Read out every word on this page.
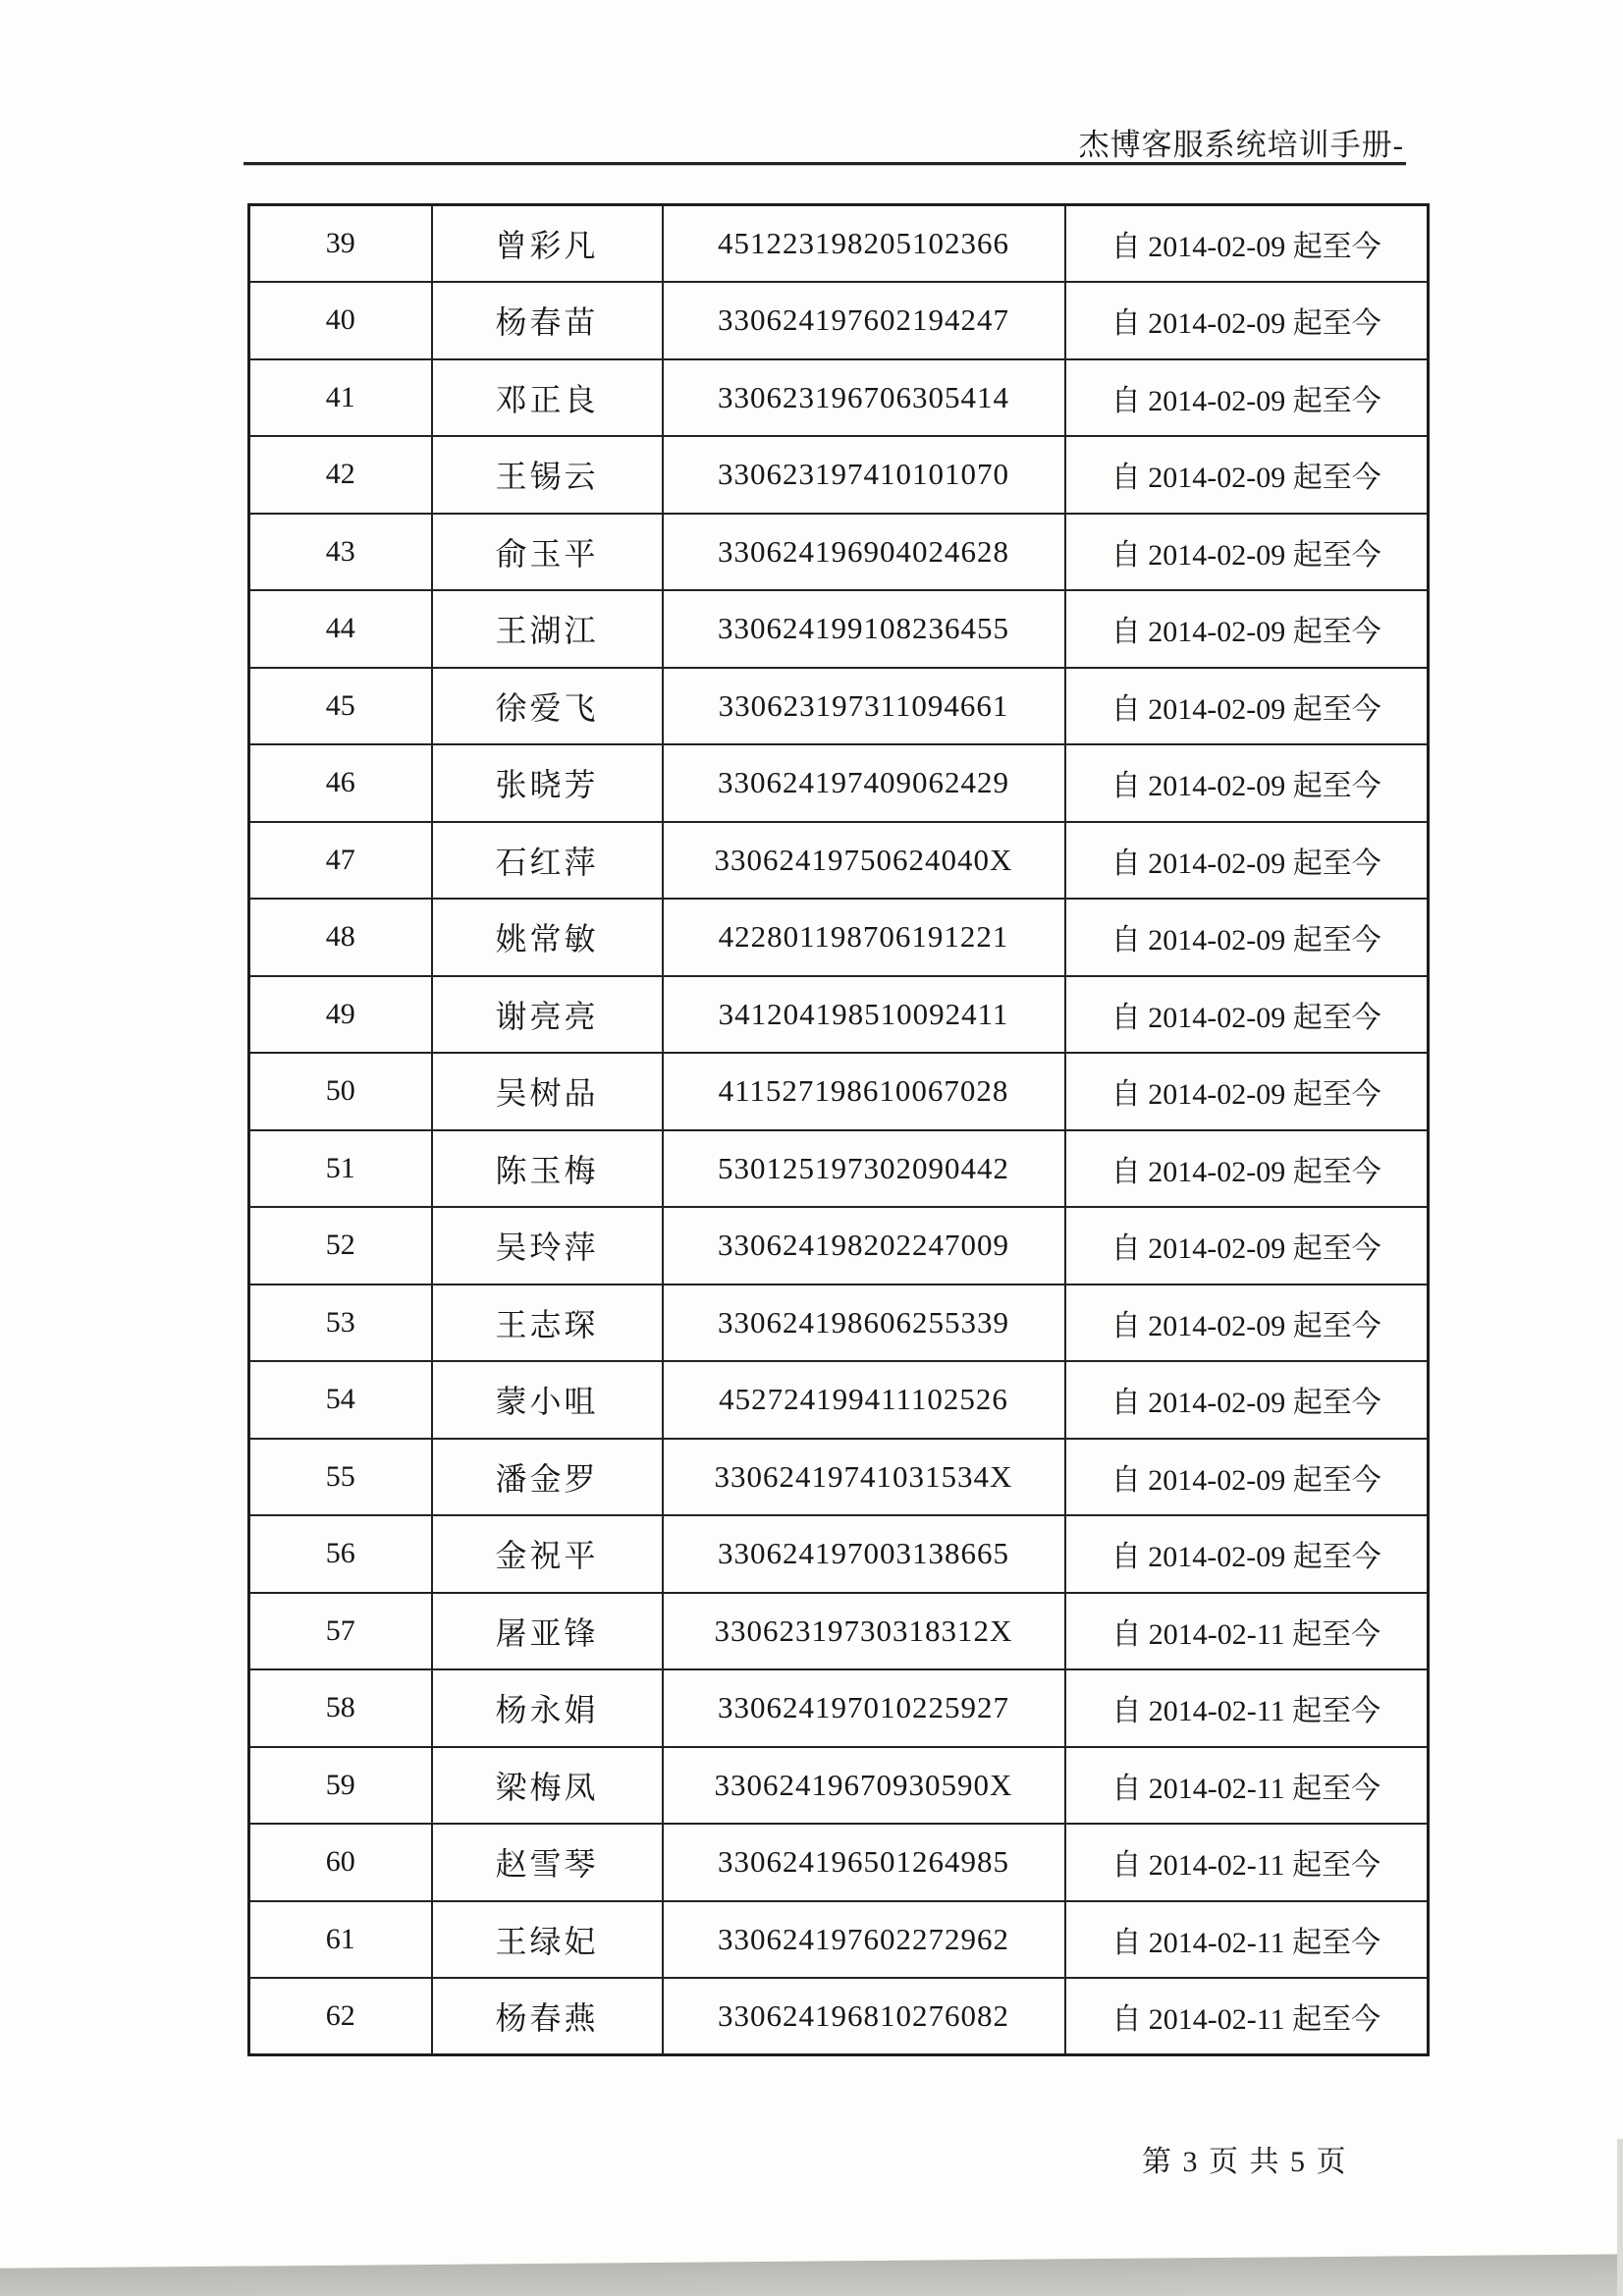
杰博客服系统培训手册-
39	曾彩凡	451223198205102366	自 2014-02-09 起至今
40	杨春苗	330624197602194247	自 2014-02-09 起至今
41	邓正良	330623196706305414	自 2014-02-09 起至今
42	王锡云	330623197410101070	自 2014-02-09 起至今
43	俞玉平	330624196904024628	自 2014-02-09 起至今
44	王湖江	330624199108236455	自 2014-02-09 起至今
45	徐爱飞	330623197311094661	自 2014-02-09 起至今
46	张晓芳	330624197409062429	自 2014-02-09 起至今
47	石红萍	33062419750624040X	自 2014-02-09 起至今
48	姚常敏	422801198706191221	自 2014-02-09 起至今
49	谢亮亮	341204198510092411	自 2014-02-09 起至今
50	吴树品	411527198610067028	自 2014-02-09 起至今
51	陈玉梅	530125197302090442	自 2014-02-09 起至今
52	吴玲萍	330624198202247009	自 2014-02-09 起至今
53	王志琛	330624198606255339	自 2014-02-09 起至今
54	蒙小咀	452724199411102526	自 2014-02-09 起至今
55	潘金罗	33062419741031534X	自 2014-02-09 起至今
56	金祝平	330624197003138665	自 2014-02-09 起至今
57	屠亚锋	33062319730318312X	自 2014-02-11 起至今
58	杨永娟	330624197010225927	自 2014-02-11 起至今
59	梁梅凤	33062419670930590X	自 2014-02-11 起至今
60	赵雪琴	330624196501264985	自 2014-02-11 起至今
61	王绿妃	330624197602272962	自 2014-02-11 起至今
62	杨春燕	330624196810276082	自 2014-02-11 起至今
第 3 页 共 5 页
